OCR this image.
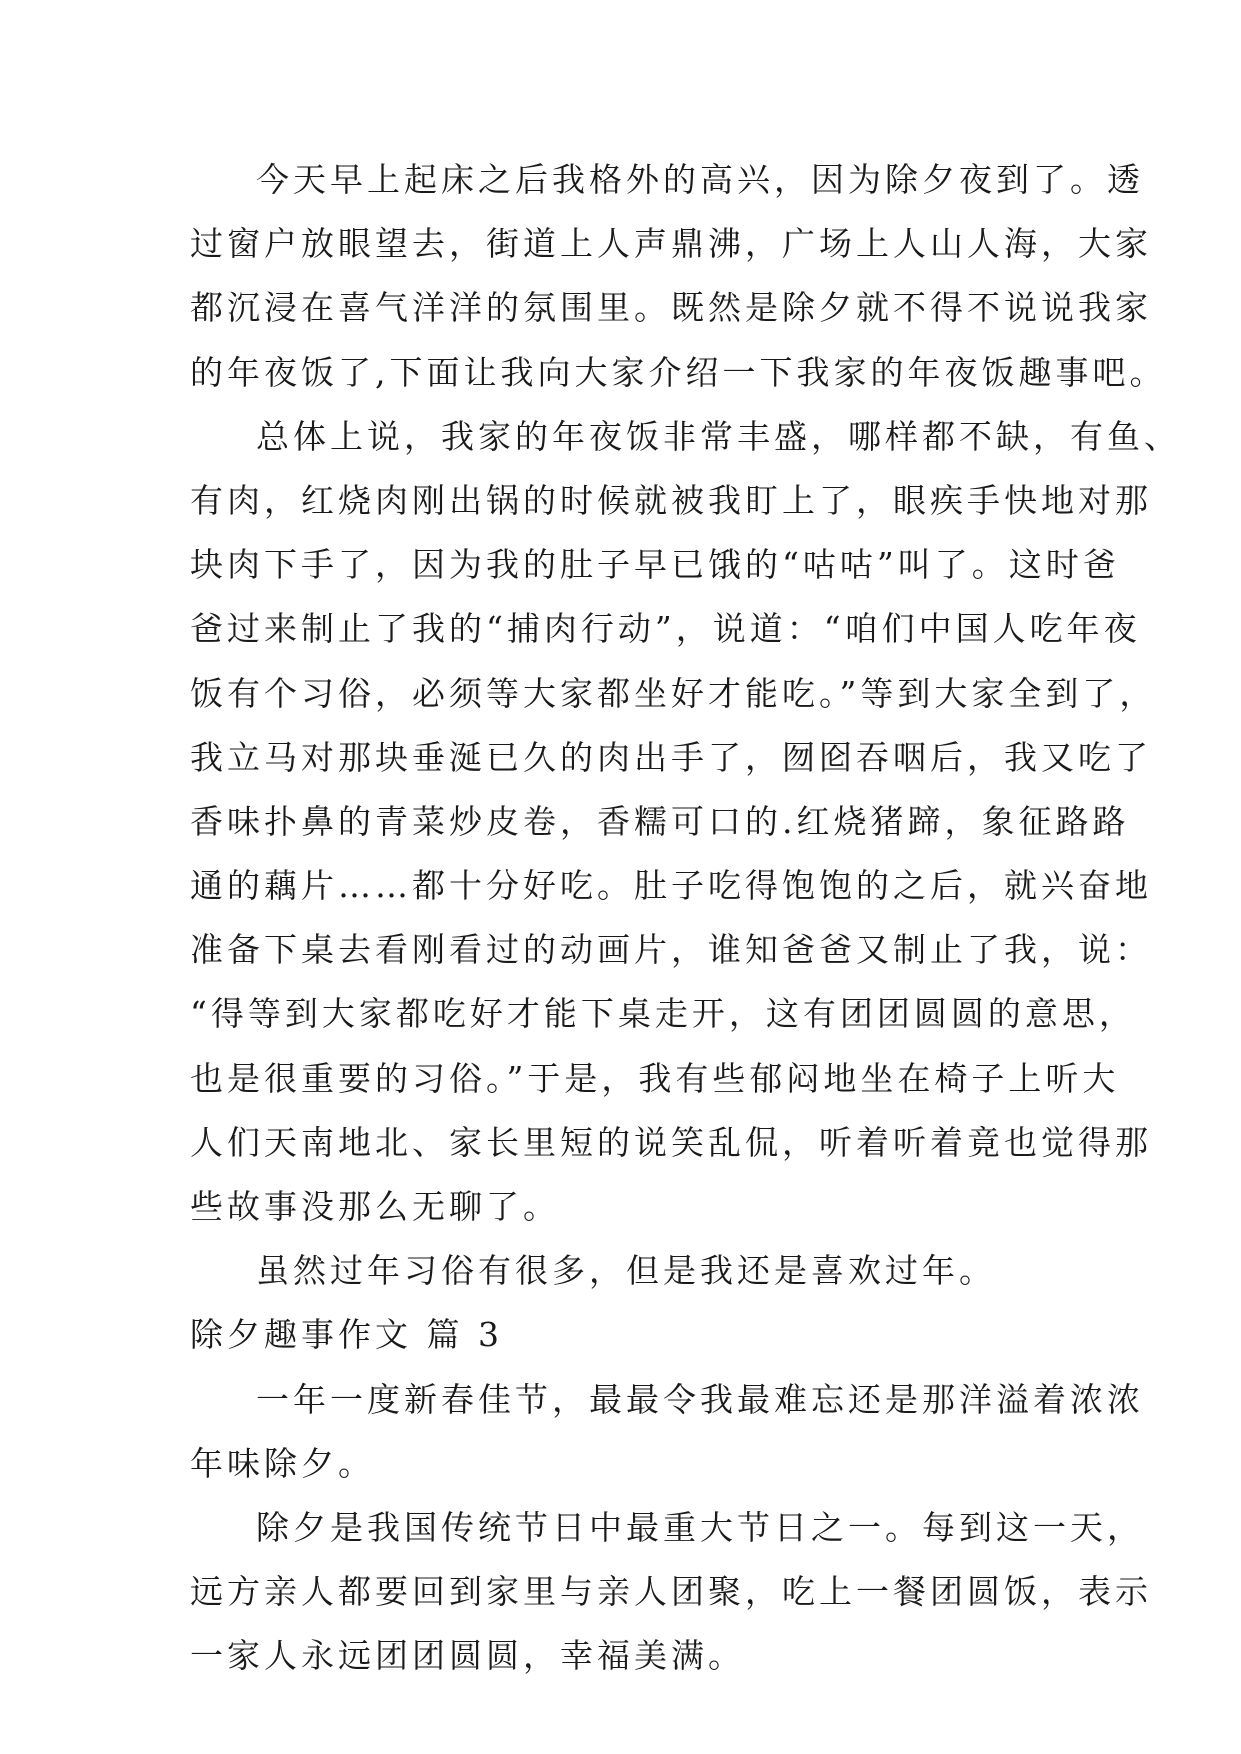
今天早上起床之后我格外的高兴，因为除夕夜到了。透
过窗户放眼望去，街道上人声鼎沸，广场上人山人海，大家
都沉浸在喜气洋洋的氛围里。既然是除夕就不得不说说我家
的年夜饭了,下面让我向大家介绍一下我家的年夜饭趣事吧。
总体上说，我家的年夜饭非常丰盛，哪样都不缺，有鱼、
有肉，红烧肉刚出锅的时候就被我盯上了，眼疾手快地对那
块肉下手了，因为我的肚子早已饿的“咕咕”叫了。这时爸
爸过来制止了我的“捕肉行动”，说道：“咱们中国人吃年夜
饭有个习俗，必须等大家都坐好才能吃。”等到大家全到了，
我立马对那块垂涎已久的肉出手了，囫囵吞咽后，我又吃了
香味扑鼻的青菜炒皮卷，香糯可口的.红烧猪蹄，象征路路
通的藕片……都十分好吃。肚子吃得饱饱的之后，就兴奋地
准备下桌去看刚看过的动画片，谁知爸爸又制止了我，说：
“得等到大家都吃好才能下桌走开，这有团团圆圆的意思，
也是很重要的习俗。”于是，我有些郁闷地坐在椅子上听大
人们天南地北、家长里短的说笑乱侃，听着听着竟也觉得那
些故事没那么无聊了。
虽然过年习俗有很多，但是我还是喜欢过年。
除夕趣事作文 篇 3
一年一度新春佳节，最最令我最难忘还是那洋溢着浓浓
年味除夕。
除夕是我国传统节日中最重大节日之一。每到这一天，
远方亲人都要回到家里与亲人团聚，吃上一餐团圆饭，表示
一家人永远团团圆圆，幸福美满。
